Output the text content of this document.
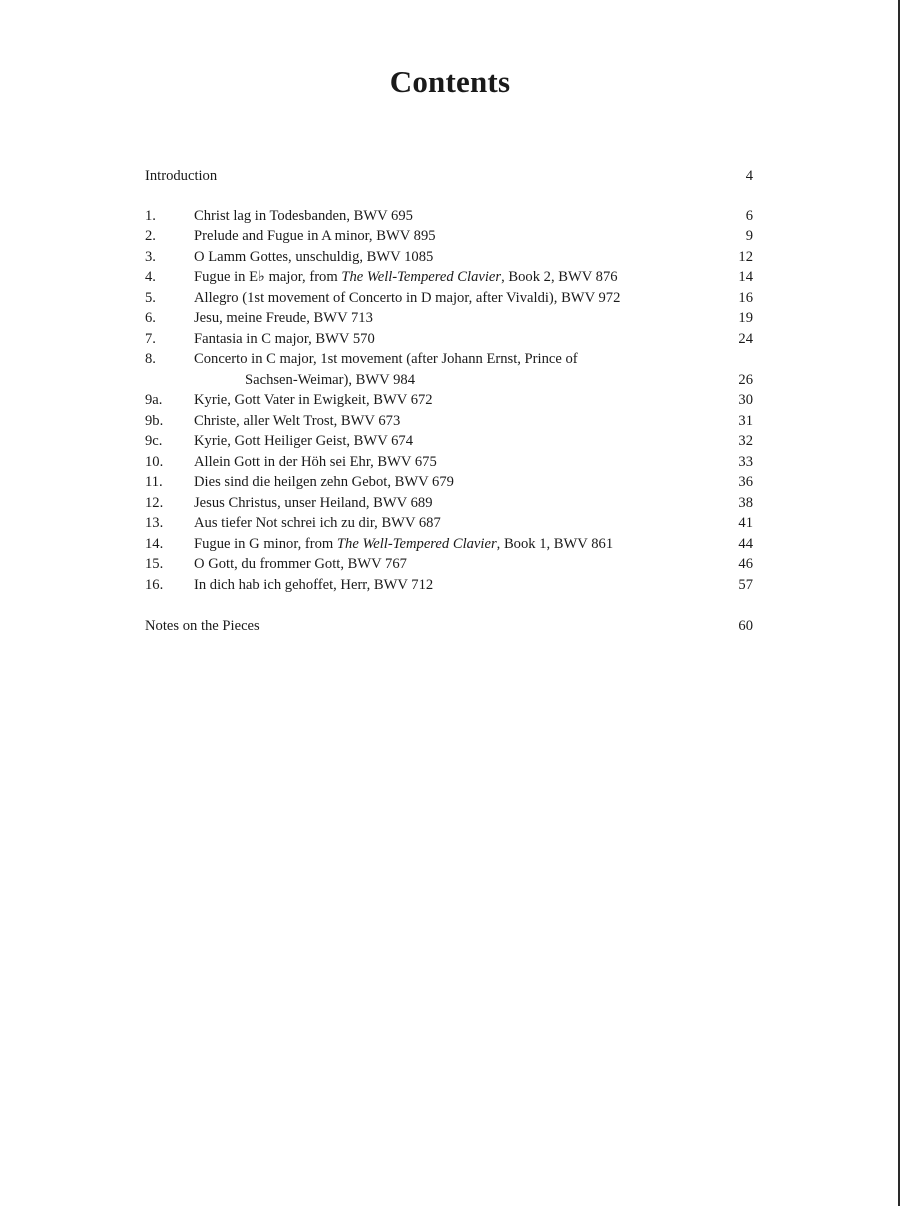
Contents
Introduction	4
1.	Christ lag in Todesbanden, BWV 695	6
2.	Prelude and Fugue in A minor, BWV 895	9
3.	O Lamm Gottes, unschuldig, BWV 1085	12
4.	Fugue in E♭ major, from The Well-Tempered Clavier, Book 2, BWV 876	14
5.	Allegro (1st movement of Concerto in D major, after Vivaldi), BWV 972	16
6.	Jesu, meine Freude, BWV 713	19
7.	Fantasia in C major, BWV 570	24
8.	Concerto in C major, 1st movement (after Johann Ernst, Prince of
Sachsen-Weimar), BWV 984	26
9a. Kyrie, Gott Vater in Ewigkeit, BWV 672	30
9b. Christe, aller Welt Trost, BWV 673	31
9c. Kyrie, Gott Heiliger Geist, BWV 674	32
10. Allein Gott in der Höh sei Ehr, BWV 675	33
11. Dies sind die heilgen zehn Gebot, BWV 679	36
12. Jesus Christus, unser Heiland, BWV 689	38
13. Aus tiefer Not schrei ich zu dir, BWV 687	41
14. Fugue in G minor, from The Well-Tempered Clavier, Book 1, BWV 861	44
15. O Gott, du frommer Gott, BWV 767	46
16. In dich hab ich gehoffet, Herr, BWV 712	57
Notes on the Pieces	60
